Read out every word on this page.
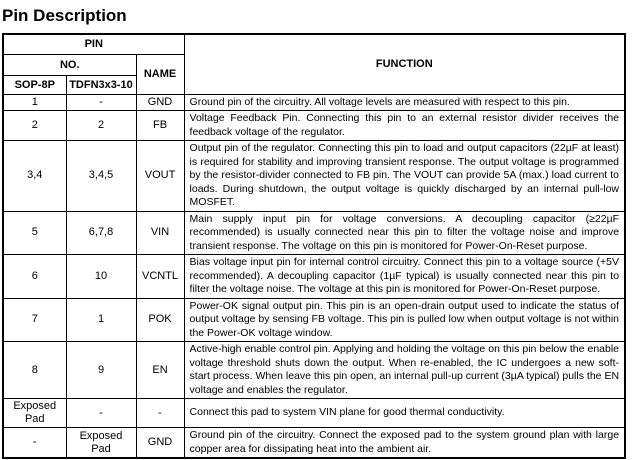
Pin Description
PIN			FUNCTION
NO.		NAME	
SOP-8P	TDFN3x3-10		
1	-	GND	Ground pin of the circuitry. All voltage levels are measured with respect to this pin.
2	2	FB	Voltage Feedback Pin. Connecting this pin to an external resistor divider receives the feedback voltage of the regulator.
3,4	3,4,5	VOUT	Output pin of the regulator. Connecting this pin to load and output capacitors (22µF at least) is required for stability and improving transient response. The output voltage is programmed by the resistor-divider connected to FB pin. The VOUT can provide 5A (max.) load current to loads. During shutdown, the output voltage is quickly discharged by an internal pull-low MOSFET.
5	6,7,8	VIN	Main supply input pin for voltage conversions. A decoupling capacitor (≥22µF recommended) is usually connected near this pin to filter the voltage noise and improve transient response. The voltage on this pin is monitored for Power-On-Reset purpose.
6	10	VCNTL	Bias voltage input pin for internal control circuitry. Connect this pin to a voltage source (+5V recommended). A decoupling capacitor (1µF typical) is usually connected near this pin to filter the voltage noise. The voltage at this pin is monitored for Power-On-Reset purpose.
7	1	POK	Power-OK signal output pin. This pin is an open-drain output used to indicate the status of output voltage by sensing FB voltage. This pin is pulled low when output voltage is not within the Power-OK voltage window.
8	9	EN	Active-high enable control pin. Applying and holding the voltage on this pin below the enable voltage threshold shuts down the output. When re-enabled, the IC undergoes a new soft-start process. When leave this pin open, an internal pull-up current (3µA typical) pulls the EN voltage and enables the regulator.
Exposed Pad	-	-	Connect this pad to system VIN plane for good thermal conductivity.
-	Exposed Pad	GND	Ground pin of the circuitry. Connect the exposed pad to the system ground plan with large copper area for dissipating heat into the ambient air.
